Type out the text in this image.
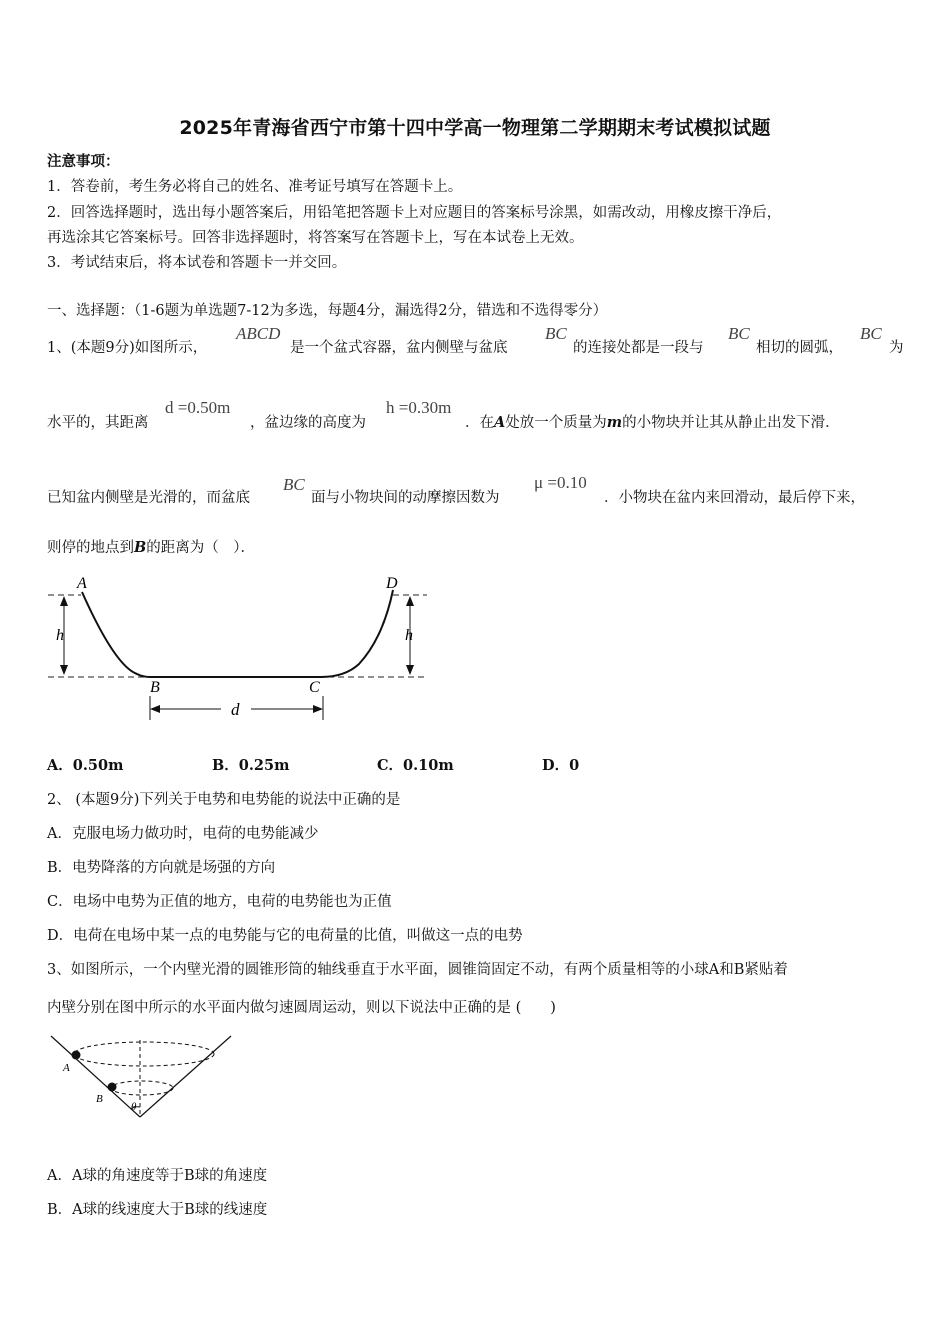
2025年青海省西宁市第十四中学高一物理第二学期期末考试模拟试题
注意事项：
1．答卷前，考生务必将自己的姓名、准考证号填写在答题卡上。
2．回答选择题时，选出每小题答案后，用铅笔把答题卡上对应题目的答案标号涂黑，如需改动，用橡皮擦干净后，
再选涂其它答案标号。回答非选择题时，将答案写在答题卡上，写在本试卷上无效。
3．考试结束后，将本试卷和答题卡一并交回。
一、选择题：（1-6题为单选题7-12为多选，每题4分，漏选得2分，错选和不选得零分）
1、(本题9分)如图所示，
ABCD
是一个盆式容器，盆内侧壁与盆底
BC
的连接处都是一段与
BC
相切的圆弧，
BC
为
水平的，其距离
d =0.50m
，盆边缘的高度为
h =0.30m
．在A处放一个质量为m的小物块并让其从静止出发下滑．
已知盆内侧壁是光滑的，而盆底
BC
面与小物块间的动摩擦因数为
μ =0.10
．小物块在盆内来回滑动，最后停下来，
则停的地点到B的距离为（　）．
A	D
h	h
B	C
d
A．0.50m	B．0.25m	C．0.10m	D．0
2、 (本题9分)下列关于电势和电势能的说法中正确的是
A．克服电场力做功时，电荷的电势能减少
B．电势降落的方向就是场强的方向
C．电场中电势为正值的地方，电荷的电势能也为正值
D．电荷在电场中某一点的电势能与它的电荷量的比值，叫做这一点的电势
3、如图所示，一个内壁光滑的圆锥形筒的轴线垂直于水平面，圆锥筒固定不动，有两个质量相等的小球A和B紧贴着
内壁分别在图中所示的水平面内做匀速圆周运动，则以下说法中正确的是 (　　)
A
B
θ
A．A球的角速度等于B球的角速度
B．A球的线速度大于B球的线速度
